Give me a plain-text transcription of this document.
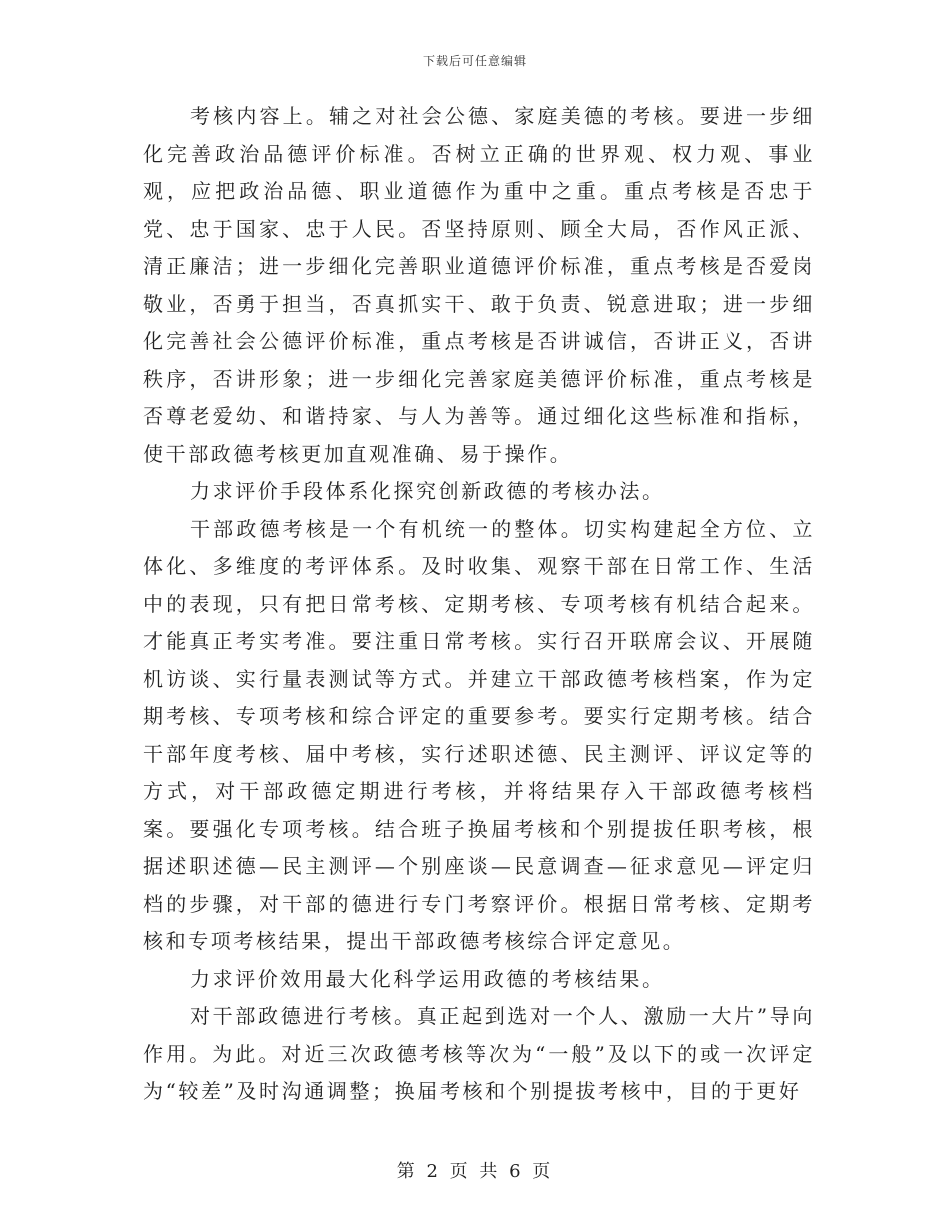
下载后可任意编辑

考核内容上。辅之对社会公德、家庭美德的考核。要进一步细化完善政治品德评价标准。否树立正确的世界观、权力观、事业观，应把政治品德、职业道德作为重中之重。重点考核是否忠于党、忠于国家、忠于人民。否坚持原则、顾全大局，否作风正派、清正廉洁；进一步细化完善职业道德评价标准，重点考核是否爱岗敬业，否勇于担当，否真抓实干、敢于负责、锐意进取；进一步细化完善社会公德评价标准，重点考核是否讲诚信，否讲正义，否讲秩序，否讲形象；进一步细化完善家庭美德评价标准，重点考核是否尊老爱幼、和谐持家、与人为善等。通过细化这些标准和指标，使干部政德考核更加直观准确、易于操作。

力求评价手段体系化探究创新政德的考核办法。

干部政德考核是一个有机统一的整体。切实构建起全方位、立体化、多维度的考评体系。及时收集、观察干部在日常工作、生活中的表现，只有把日常考核、定期考核、专项考核有机结合起来。才能真正考实考准。要注重日常考核。实行召开联席会议、开展随机访谈、实行量表测试等方式。并建立干部政德考核档案，作为定期考核、专项考核和综合评定的重要参考。要实行定期考核。结合干部年度考核、届中考核，实行述职述德、民主测评、评议定等的方式，对干部政德定期进行考核，并将结果存入干部政德考核档案。要强化专项考核。结合班子换届考核和个别提拔任职考核，根据述职述德—民主测评—个别座谈—民意调查—征求意见—评定归档的步骤，对干部的德进行专门考察评价。根据日常考核、定期考核和专项考核结果，提出干部政德考核综合评定意见。

力求评价效用最大化科学运用政德的考核结果。

对干部政德进行考核。真正起到选对一个人、激励一大片”导向作用。为此。对近三次政德考核等次为“一般”及以下的或一次评定为“较差”及时沟通调整；换届考核和个别提拔考核中，目的于更好

第 2 页 共 6 页
